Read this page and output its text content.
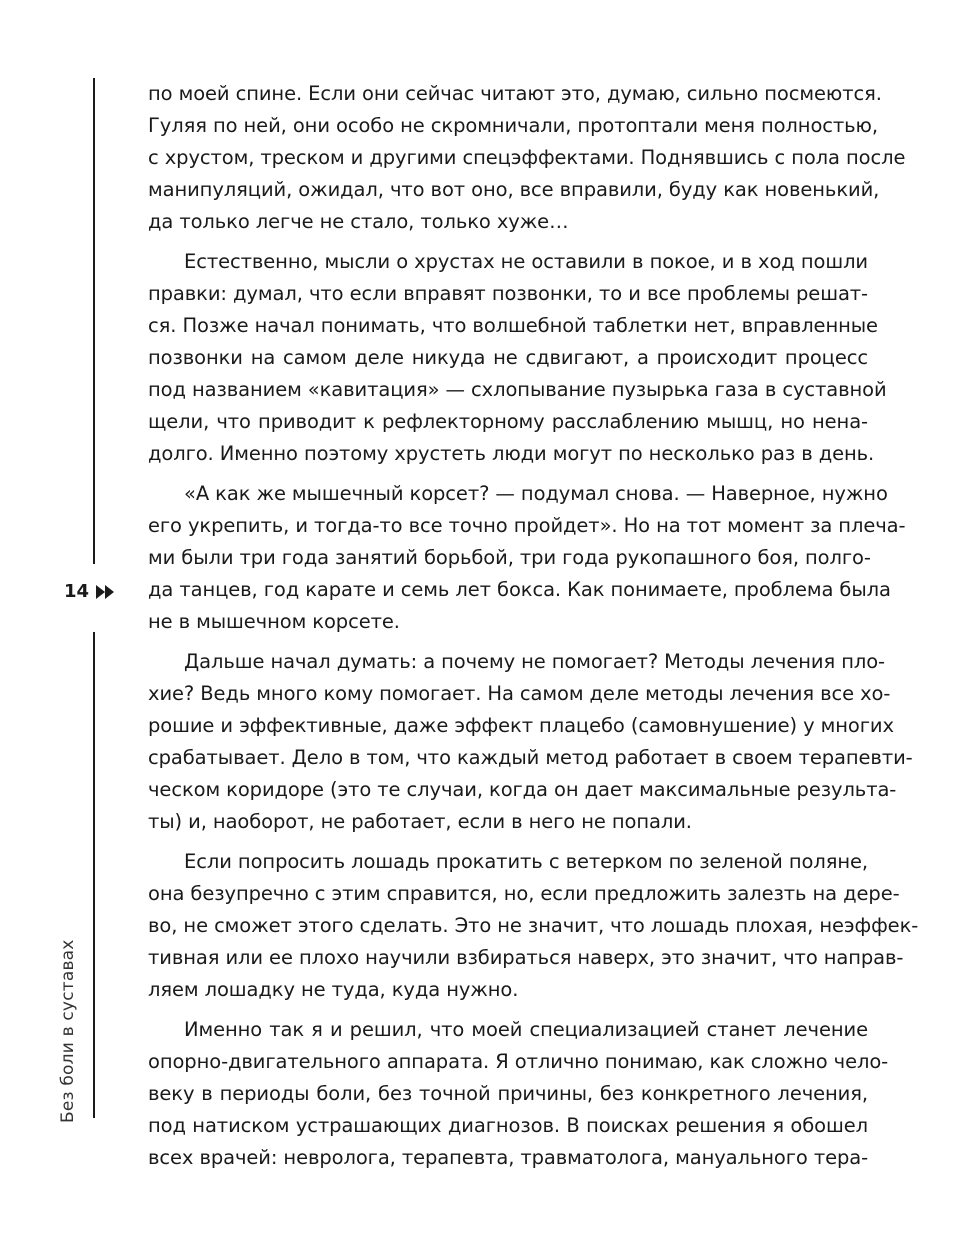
14
Без боли в суставах
по моей спине. Если они сейчас читают это, думаю, сильно посмеются.
Гуляя по ней, они особо не скромничали, протоптали меня полностью,
с хрустом, треском и другими спецэффектами. Поднявшись с пола после
манипуляций, ожидал, что вот оно, все вправили, буду как новенький,
да только легче не стало, только хуже…
Естественно, мысли о хрустах не оставили в покое, и в ход пошли
правки: думал, что если вправят позвонки, то и все проблемы решат-
ся. Позже начал понимать, что волшебной таблетки нет, вправленные
позвонки на самом деле никуда не сдвигают, а происходит процесс
под названием «кавитация» — схлопывание пузырька газа в суставной
щели, что приводит к рефлекторному расслаблению мышц, но нена-
долго. Именно поэтому хрустеть люди могут по несколько раз в день.
«А как же мышечный корсет? — подумал снова. — Наверное, нужно
его укрепить, и тогда-то все точно пройдет». Но на тот момент за плеча-
ми были три года занятий борьбой, три года рукопашного боя, полго-
да танцев, год карате и семь лет бокса. Как понимаете, проблема была
не в мышечном корсете.
Дальше начал думать: а почему не помогает? Методы лечения пло-
хие? Ведь много кому помогает. На самом деле методы лечения все хо-
рошие и эффективные, даже эффект плацебо (самовнушение) у многих
срабатывает. Дело в том, что каждый метод работает в своем терапевти-
ческом коридоре (это те случаи, когда он дает максимальные результа-
ты) и, наоборот, не работает, если в него не попали.
Если попросить лошадь прокатить с ветерком по зеленой поляне,
она безупречно с этим справится, но, если предложить залезть на дере-
во, не сможет этого сделать. Это не значит, что лошадь плохая, неэффек-
тивная или ее плохо научили взбираться наверх, это значит, что направ-
ляем лошадку не туда, куда нужно.
Именно так я и решил, что моей специализацией станет лечение
опорно-двигательного аппарата. Я отлично понимаю, как сложно чело-
веку в периоды боли, без точной причины, без конкретного лечения,
под натиском устрашающих диагнозов. В поисках решения я обошел
всех врачей: невролога, терапевта, травматолога, мануального тера-
